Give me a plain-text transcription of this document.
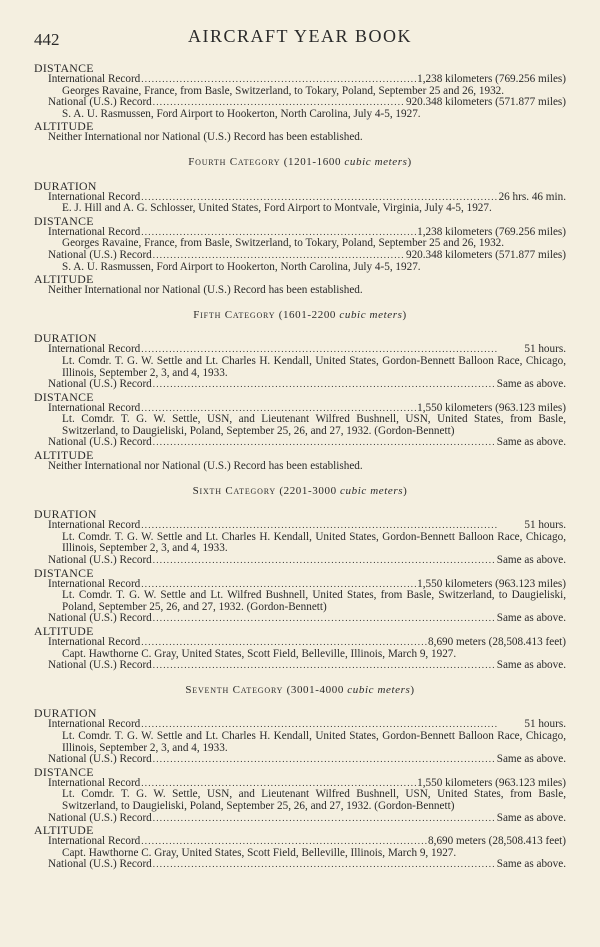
442	AIRCRAFT YEAR BOOK
DISTANCE
International Record . . .	1,238 kilometers (769.256 miles)
Georges Ravaine, France, from Basle, Switzerland, to Tokary, Poland, September 25 and 26, 1932.
National (U.S.) Record . . .	920.348 kilometers (571.877 miles)
S. A. U. Rasmussen, Ford Airport to Hookerton, North Carolina, July 4-5, 1927.
ALTITUDE
Neither International nor National (U.S.) Record has been established.
Fourth Category (1201-1600 cubic meters)
DURATION
International Record . . .	26 hrs. 46 min.
E. J. Hill and A. G. Schlosser, United States, Ford Airport to Montvale, Virginia, July 4-5, 1927.
DISTANCE
International Record . . .	1,238 kilometers (769.256 miles)
Georges Ravaine, France, from Basle, Switzerland, to Tokary, Poland, September 25 and 26, 1932.
National (U.S.) Record . . .	920.348 kilometers (571.877 miles)
S. A. U. Rasmussen, Ford Airport to Hookerton, North Carolina, July 4-5, 1927.
ALTITUDE
Neither International nor National (U.S.) Record has been established.
Fifth Category (1601-2200 cubic meters)
DURATION
International Record . . .	51 hours.
Lt. Comdr. T. G. W. Settle and Lt. Charles H. Kendall, United States, Gordon-Bennett Balloon Race, Chicago, Illinois, September 2, 3, and 4, 1933.
National (U.S.) Record . . .	Same as above.
DISTANCE
International Record . . .	1,550 kilometers (963.123 miles)
Lt. Comdr. T. G. W. Settle, USN, and Lieutenant Wilfred Bushnell, USN, United States, from Basle, Switzerland, to Daugieliski, Poland, September 25, 26, and 27, 1932. (Gordon-Bennett)
National (U.S.) Record . . .	Same as above.
ALTITUDE
Neither International nor National (U.S.) Record has been established.
Sixth Category (2201-3000 cubic meters)
DURATION
International Record . . .	51 hours.
Lt. Comdr. T. G. W. Settle and Lt. Charles H. Kendall, United States, Gordon-Bennett Balloon Race, Chicago, Illinois, September 2, 3, and 4, 1933.
National (U.S.) Record . . .	Same as above.
DISTANCE
International Record . . .	1,550 kilometers (963.123 miles)
Lt. Comdr. T. G. W. Settle and Lt. Wilfred Bushnell, United States, from Basle, Switzerland, to Daugieliski, Poland, September 25, 26, and 27, 1932. (Gordon-Bennett)
National (U.S.) Record . . .	Same as above.
ALTITUDE
International Record . . .	8,690 meters (28,508.413 feet)
Capt. Hawthorne C. Gray, United States, Scott Field, Belleville, Illinois, March 9, 1927.
National (U.S.) Record . . .	Same as above.
Seventh Category (3001-4000 cubic meters)
DURATION
International Record . . .	51 hours.
Lt. Comdr. T. G. W. Settle and Lt. Charles H. Kendall, United States, Gordon-Bennett Balloon Race, Chicago, Illinois, September 2, 3, and 4, 1933.
National (U.S.) Record . . .	Same as above.
DISTANCE
International Record . . .	1,550 kilometers (963.123 miles)
Lt. Comdr. T. G. W. Settle, USN, and Lieutenant Wilfred Bushnell, USN, United States, from Basle, Switzerland, to Daugieliski, Poland, September 25, 26, and 27, 1932. (Gordon-Bennett)
National (U.S.) Record . . .	Same as above.
ALTITUDE
International Record . . .	8,690 meters (28,508.413 feet)
Capt. Hawthorne C. Gray, United States, Scott Field, Belleville, Illinois, March 9, 1927.
National (U.S.) Record . . .	Same as above.
